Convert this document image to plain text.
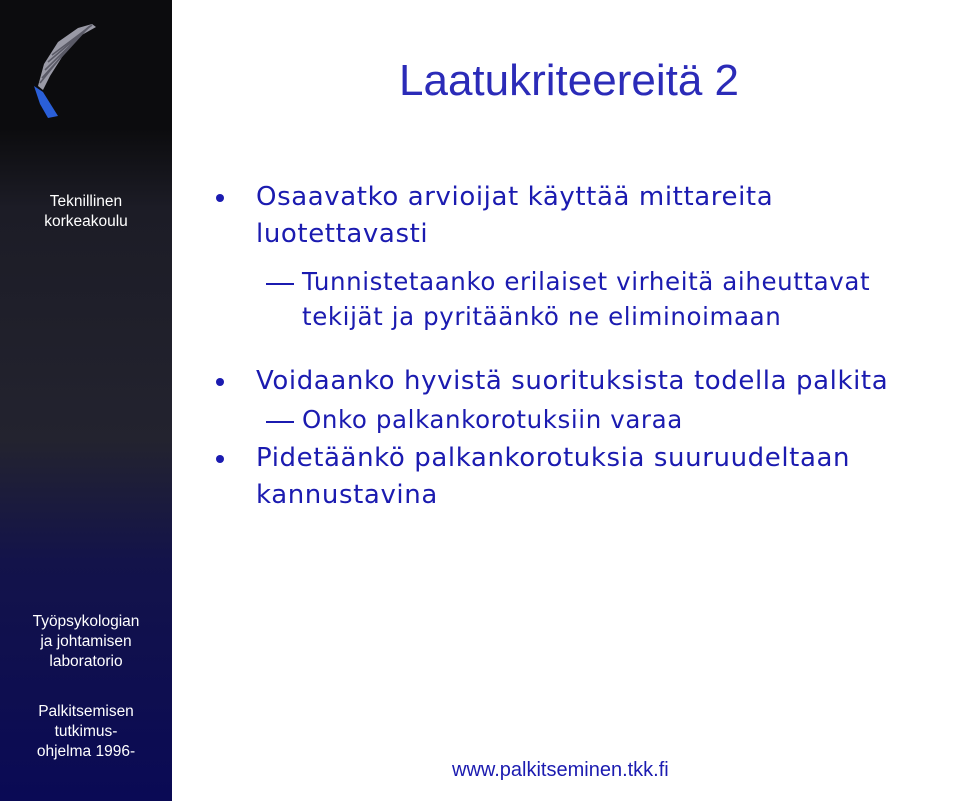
Teknillinen
korkeakoulu
Työpsykologian
ja johtamisen
laboratorio
Palkitsemisen
tutkimus-
ohjelma 1996-
Laatukriteereitä 2
Osaavatko arvioijat käyttää mittareita
luotettavasti
Tunnistetaanko erilaiset virheitä aiheuttavat
tekijät ja pyritäänkö ne eliminoimaan
Voidaanko hyvistä suorituksista todella palkita
Onko palkankorotuksiin varaa
Pidetäänkö palkankorotuksia suuruudeltaan
kannustavina
www.palkitseminen.tkk.fi
